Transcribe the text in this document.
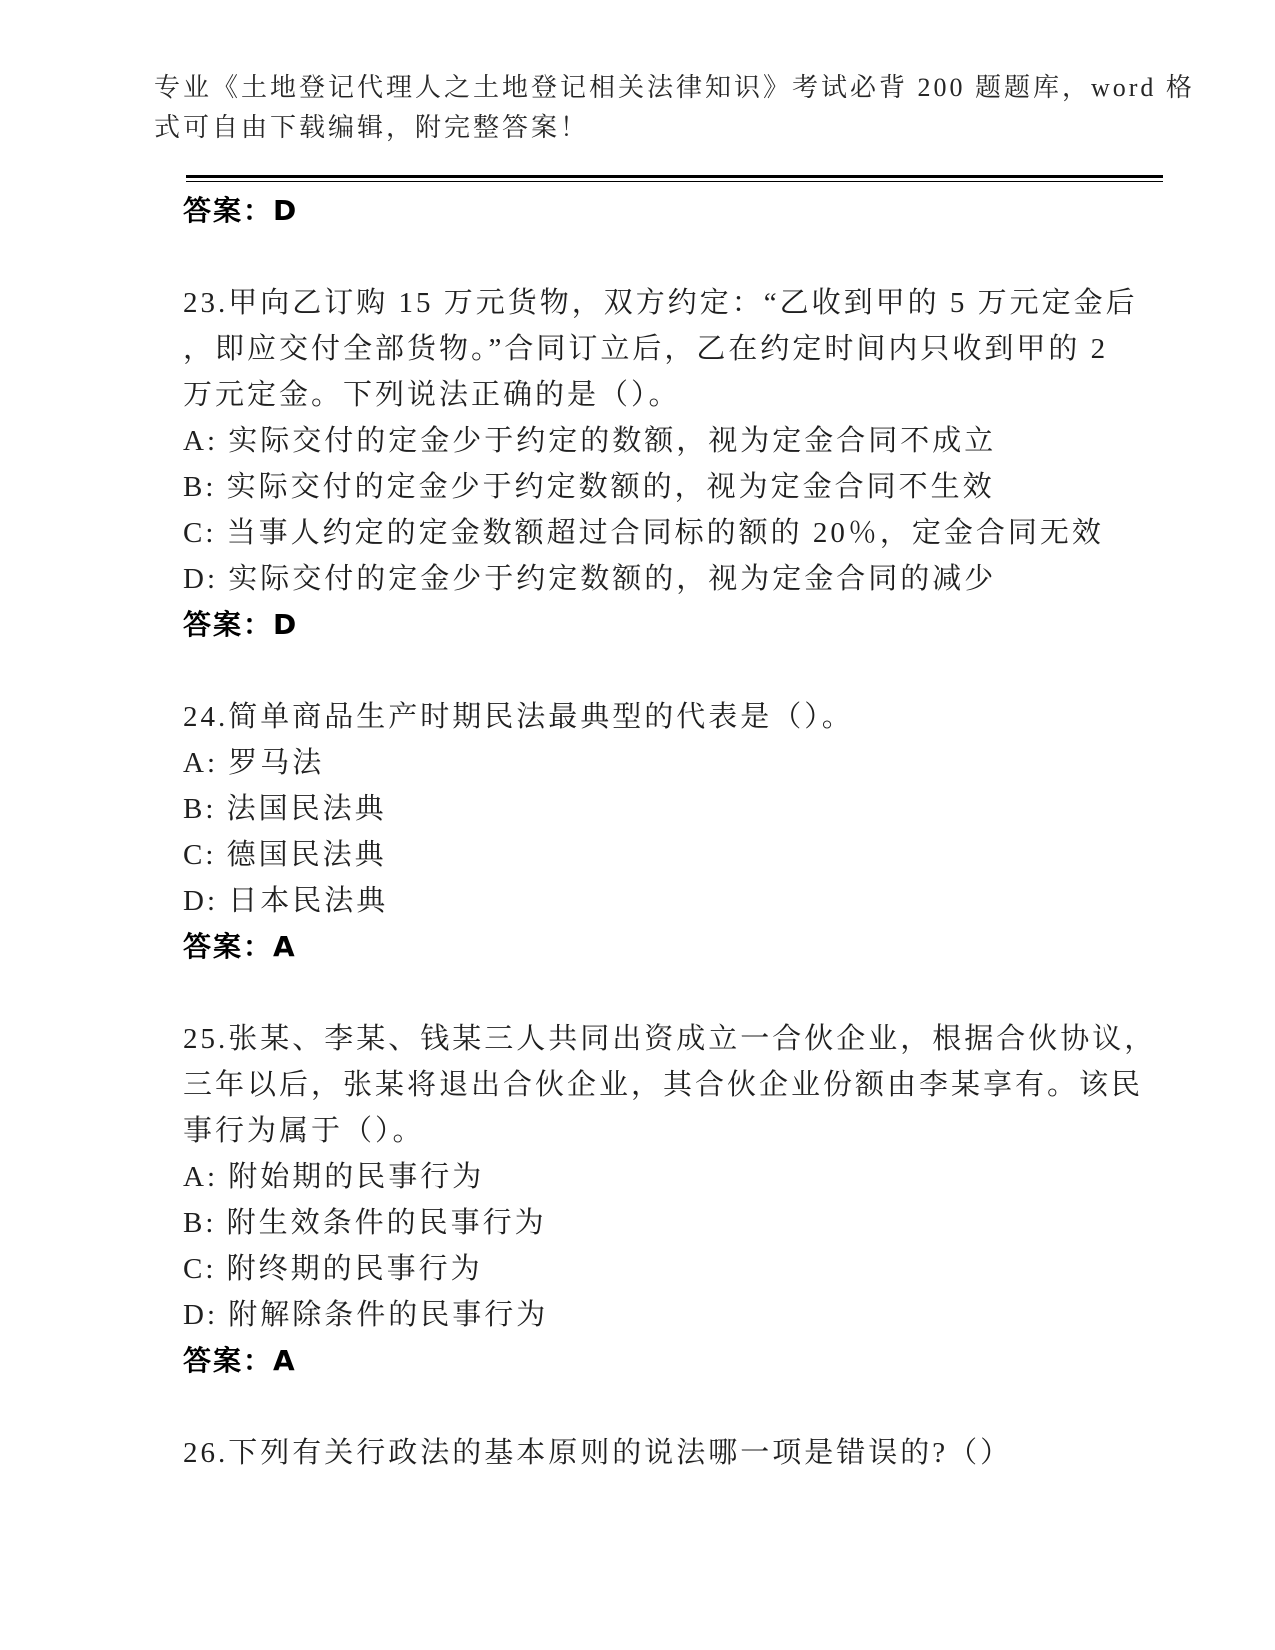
专业《土地登记代理人之土地登记相关法律知识》考试必背 200 题题库，word 格
式可自由下载编辑，附完整答案！
答案：D
23.甲向乙订购 15 万元货物，双方约定：“乙收到甲的 5 万元定金后
，即应交付全部货物。”合同订立后，乙在约定时间内只收到甲的 2
万元定金。下列说法正确的是（）。
A: 实际交付的定金少于约定的数额，视为定金合同不成立
B: 实际交付的定金少于约定数额的，视为定金合同不生效
C: 当事人约定的定金数额超过合同标的额的 20％，定金合同无效
D: 实际交付的定金少于约定数额的，视为定金合同的减少
答案：D
24.简单商品生产时期民法最典型的代表是（）。
A: 罗马法
B: 法国民法典
C: 德国民法典
D: 日本民法典
答案：A
25.张某、李某、钱某三人共同出资成立一合伙企业，根据合伙协议，
三年以后，张某将退出合伙企业，其合伙企业份额由李某享有。该民
事行为属于（）。
A: 附始期的民事行为
B: 附生效条件的民事行为
C: 附终期的民事行为
D: 附解除条件的民事行为
答案：A
26.下列有关行政法的基本原则的说法哪一项是错误的?（）
